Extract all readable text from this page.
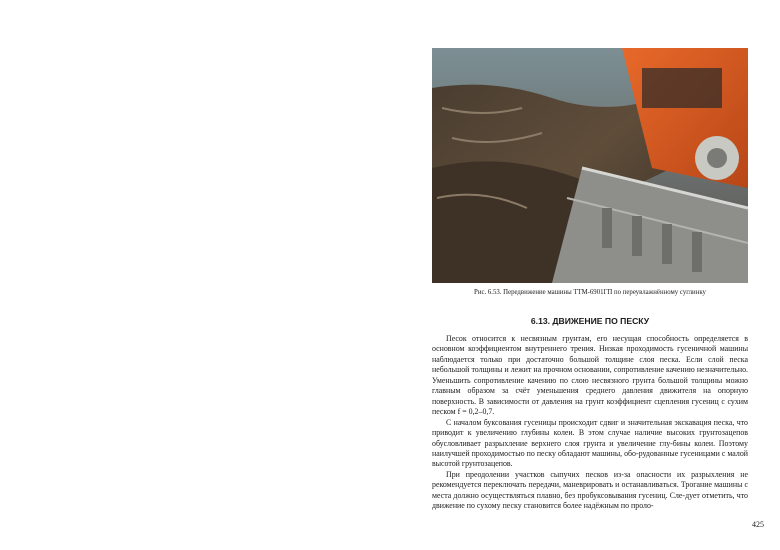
Рис. 6.53. Передвижение машины ТТМ-6901ГП по переувлажнённому суглинку
6.13. ДВИЖЕНИЕ ПО ПЕСКУ

Песок относится к несвязным грунтам, его несущая способность определяется в основном коэффициентом внутреннего трения. Низкая проходимость гусеничной машины наблюдается только при достаточно большой толщине слоя песка. Если слой песка небольшой толщины и лежит на прочном основании, сопротивление качению незначительно. Уменьшить сопротивление качению по слою несвязного грунта большой толщины можно главным образом за счёт уменьшения среднего давления движителя на опорную поверхность. В зависимости от давления на грунт коэффициент сцепления гусениц с сухим песком f = 0,2–0,7.

С началом буксования гусеницы происходит сдвиг и значительная экскавация песка, что приводит к увеличению глубины колеи. В этом случае наличие высоких грунтозацепов обусловливает разрыхление верхнего слоя грунта и увеличение глу-бины колеи. Поэтому наилучшей проходимостью по песку обладают машины, обо-рудованные гусеницами с малой высотой грунтозацепов.

При преодолении участков сыпучих песков из-за опасности их разрыхления не рекомендуется переключать передачи, маневрировать и останавливаться. Трогание машины с места должно осуществляться плавно, без пробуксовывания гусениц. Сле-дует отметить, что движение по сухому песку становится более надёжным по проло-

425
